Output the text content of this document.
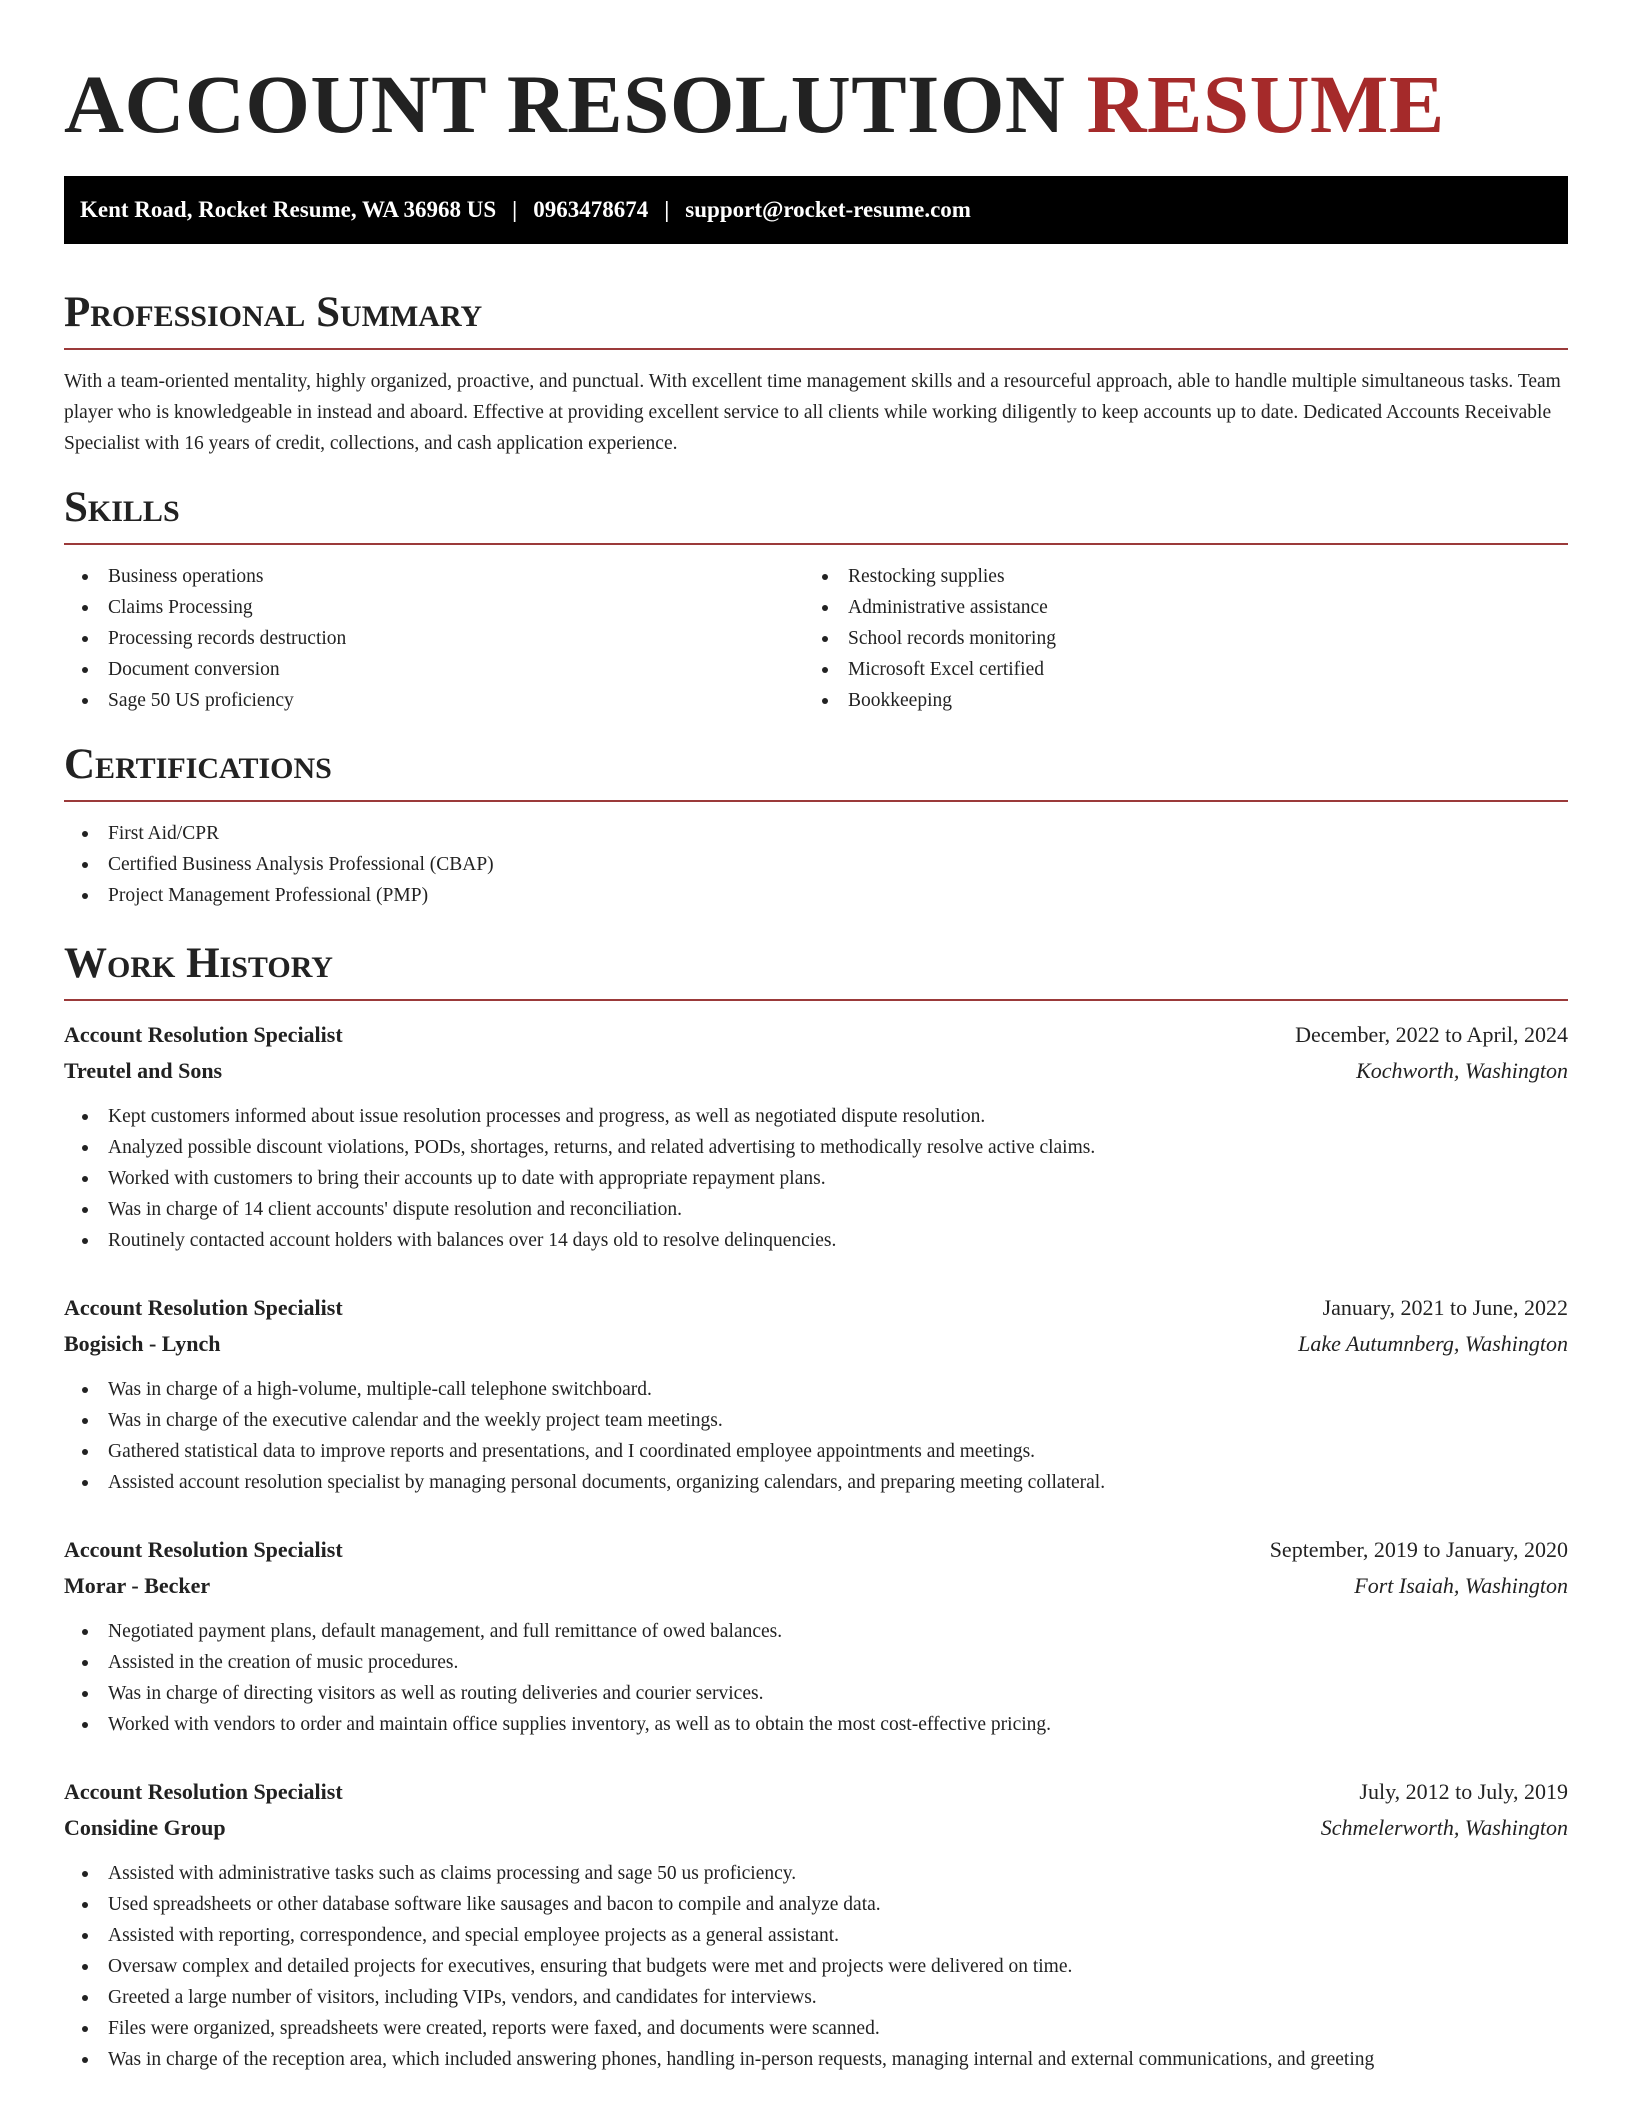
ACCOUNT RESOLUTION RESUME
Kent Road, Rocket Resume, WA 36968 US | 0963478674 | support@rocket-resume.com
Professional Summary

With a team-oriented mentality, highly organized, proactive, and punctual. With excellent time management skills and a resourceful approach, able to handle multiple simultaneous tasks. Team player who is knowledgeable in instead and aboard. Effective at providing excellent service to all clients while working diligently to keep accounts up to date. Dedicated Accounts Receivable Specialist with 16 years of credit, collections, and cash application experience.

Skills
Business operations
Claims Processing
Processing records destruction
Document conversion
Sage 50 US proficiency
Restocking supplies
Administrative assistance
School records monitoring
Microsoft Excel certified
Bookkeeping
Certifications
First Aid/CPR
Certified Business Analysis Professional (CBAP)
Project Management Professional (PMP)
Work History
Account Resolution Specialist	December, 2022 to April, 2024
Treutel and Sons	Kochworth, Washington
Kept customers informed about issue resolution processes and progress, as well as negotiated dispute resolution.
Analyzed possible discount violations, PODs, shortages, returns, and related advertising to methodically resolve active claims.
Worked with customers to bring their accounts up to date with appropriate repayment plans.
Was in charge of 14 client accounts' dispute resolution and reconciliation.
Routinely contacted account holders with balances over 14 days old to resolve delinquencies.
Account Resolution Specialist	January, 2021 to June, 2022
Bogisich - Lynch	Lake Autumnberg, Washington
Was in charge of a high-volume, multiple-call telephone switchboard.
Was in charge of the executive calendar and the weekly project team meetings.
Gathered statistical data to improve reports and presentations, and I coordinated employee appointments and meetings.
Assisted account resolution specialist by managing personal documents, organizing calendars, and preparing meeting collateral.
Account Resolution Specialist	September, 2019 to January, 2020
Morar - Becker	Fort Isaiah, Washington
Negotiated payment plans, default management, and full remittance of owed balances.
Assisted in the creation of music procedures.
Was in charge of directing visitors as well as routing deliveries and courier services.
Worked with vendors to order and maintain office supplies inventory, as well as to obtain the most cost-effective pricing.
Account Resolution Specialist	July, 2012 to July, 2019
Considine Group	Schmelerworth, Washington
Assisted with administrative tasks such as claims processing and sage 50 us proficiency.
Used spreadsheets or other database software like sausages and bacon to compile and analyze data.
Assisted with reporting, correspondence, and special employee projects as a general assistant.
Oversaw complex and detailed projects for executives, ensuring that budgets were met and projects were delivered on time.
Greeted a large number of visitors, including VIPs, vendors, and candidates for interviews.
Files were organized, spreadsheets were created, reports were faxed, and documents were scanned.
Was in charge of the reception area, which included answering phones, handling in-person requests, managing internal and external communications, and greeting
